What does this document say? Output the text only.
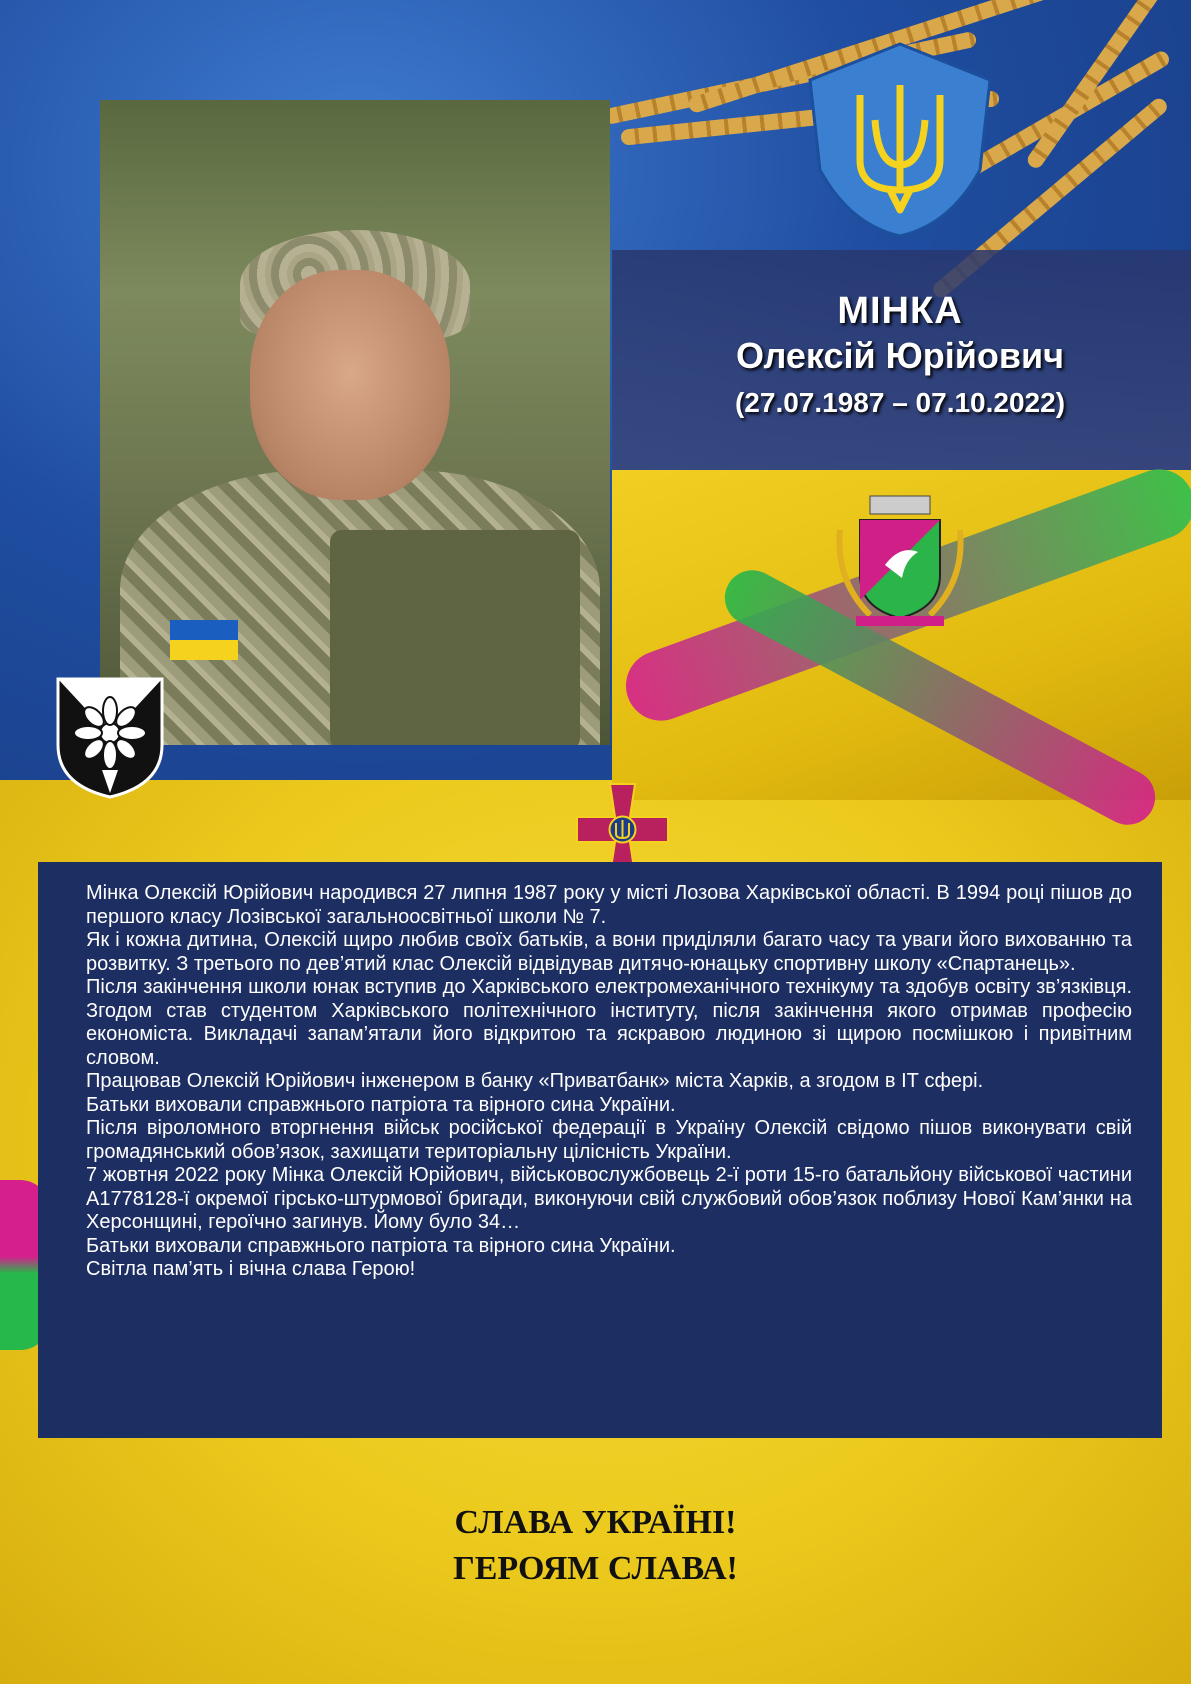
МІНКА
Олексій Юрійович
(27.07.1987 – 07.10.2022)

Мінка Олексій Юрійович народився 27 липня 1987 року у місті Лозова Харківської області. В 1994 році пішов до першого класу Лозівської загальноосвітньої школи № 7.

Як і кожна дитина, Олексій щиро любив своїх батьків, а вони приділяли багато часу та уваги його вихованню та розвитку. З третього по дев’ятий клас Олексій відвідував дитячо-юнацьку спортивну школу «Спартанець».

Після закінчення школи юнак вступив до Харківського електромеханічного технікуму та здобув освіту зв’язківця. Згодом став студентом Харківського політехнічного інституту, після закінчення якого отримав професію економіста. Викладачі запам’ятали його відкритою та яскравою людиною зі щирою посмішкою і привітним словом.

Працював Олексій Юрійович інженером в банку «Приватбанк» міста Харків, а згодом в ІТ сфері.

Батьки виховали справжнього патріота та вірного сина України.

Після віроломного вторгнення військ російської федерації в Україну Олексій свідомо пішов виконувати свій громадянський обов’язок, захищати територіальну цілісність України.

7 жовтня 2022 року Мінка Олексій Юрійович, військовослужбовець 2-ї роти 15-го батальйону військової частини А1778128-ї окремої гірсько-штурмової бригади, виконуючи свій службовий обов’язок поблизу Нової Кам’янки на Херсонщині, героїчно загинув. Йому було 34…

Батьки виховали справжнього патріота та вірного сина України.

Світла пам’ять і вічна слава Герою!

СЛАВА УКРАЇНІ!
ГЕРОЯМ СЛАВА!
